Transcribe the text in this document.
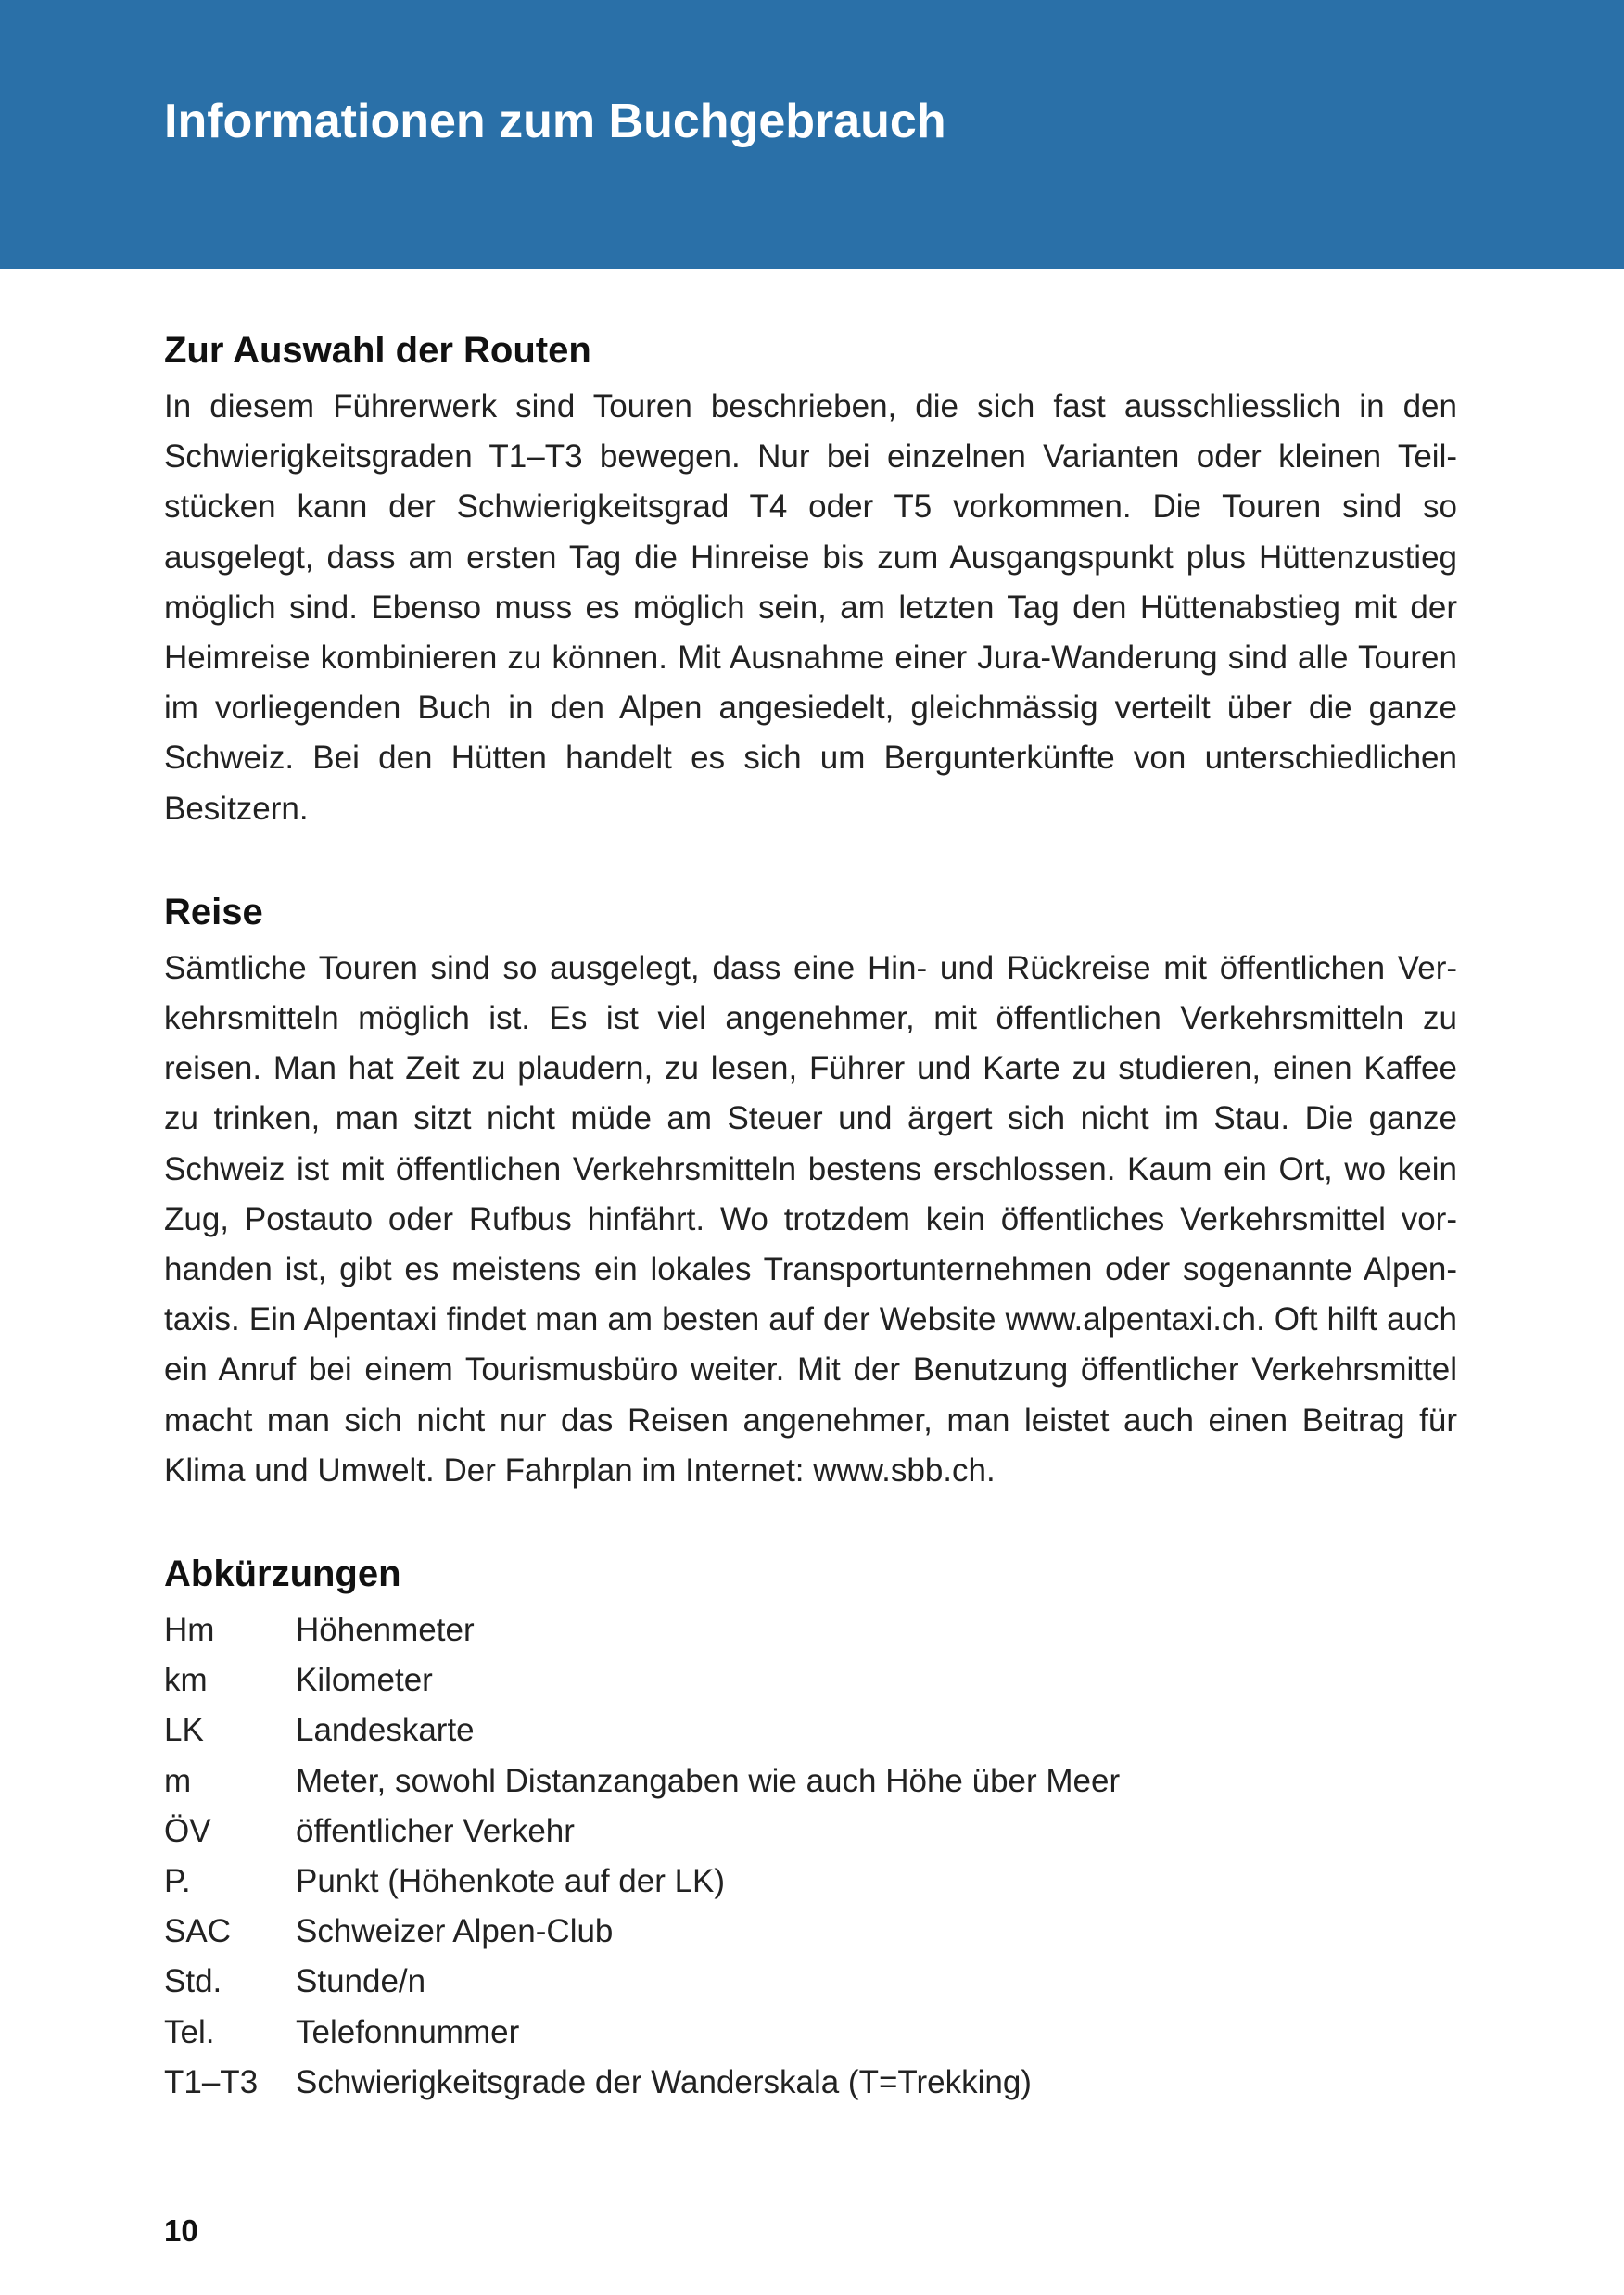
Informationen zum Buchgebrauch
Zur Auswahl der Routen

In diesem Führerwerk sind Touren beschrieben, die sich fast ausschliesslich in den Schwierigkeitsgraden T1–T3 bewegen. Nur bei einzelnen Varianten oder kleinen Teilstücken kann der Schwierigkeitsgrad T4 oder T5 vorkommen. Die Touren sind so ausgelegt, dass am ersten Tag die Hinreise bis zum Ausgangspunkt plus Hüttenzustieg möglich sind. Ebenso muss es möglich sein, am letzten Tag den Hüttenabstieg mit der Heimreise kombinieren zu können. Mit Ausnahme einer Jura-Wanderung sind alle Touren im vorliegenden Buch in den Alpen angesiedelt, gleichmässig verteilt über die ganze Schweiz. Bei den Hütten handelt es sich um Bergunterkünfte von unterschiedlichen Besitzern.

Reise

Sämtliche Touren sind so ausgelegt, dass eine Hin- und Rückreise mit öffentlichen Verkehrsmitteln möglich ist. Es ist viel angenehmer, mit öffentlichen Verkehrsmitteln zu reisen. Man hat Zeit zu plaudern, zu lesen, Führer und Karte zu studieren, einen Kaffee zu trinken, man sitzt nicht müde am Steuer und ärgert sich nicht im Stau. Die ganze Schweiz ist mit öffentlichen Verkehrsmitteln bestens erschlossen. Kaum ein Ort, wo kein Zug, Postauto oder Rufbus hinfährt. Wo trotzdem kein öffentliches Verkehrsmittel vorhanden ist, gibt es meistens ein lokales Transportunternehmen oder sogenannte Alpentaxis. Ein Alpentaxi findet man am besten auf der Website www.alpentaxi.ch. Oft hilft auch ein Anruf bei einem Tourismusbüro weiter. Mit der Benutzung öffentlicher Verkehrsmittel macht man sich nicht nur das Reisen angenehmer, man leistet auch einen Beitrag für Klima und Umwelt. Der Fahrplan im Internet: www.sbb.ch.

Abkürzungen
Hm	Höhenmeter
km	Kilometer
LK	Landeskarte
m	Meter, sowohl Distanzangaben wie auch Höhe über Meer
ÖV	öffentlicher Verkehr
P.	Punkt (Höhenkote auf der LK)
SAC	Schweizer Alpen-Club
Std.	Stunde/n
Tel.	Telefonnummer
T1–T3	Schwierigkeitsgrade der Wanderskala (T=Trekking)
10
